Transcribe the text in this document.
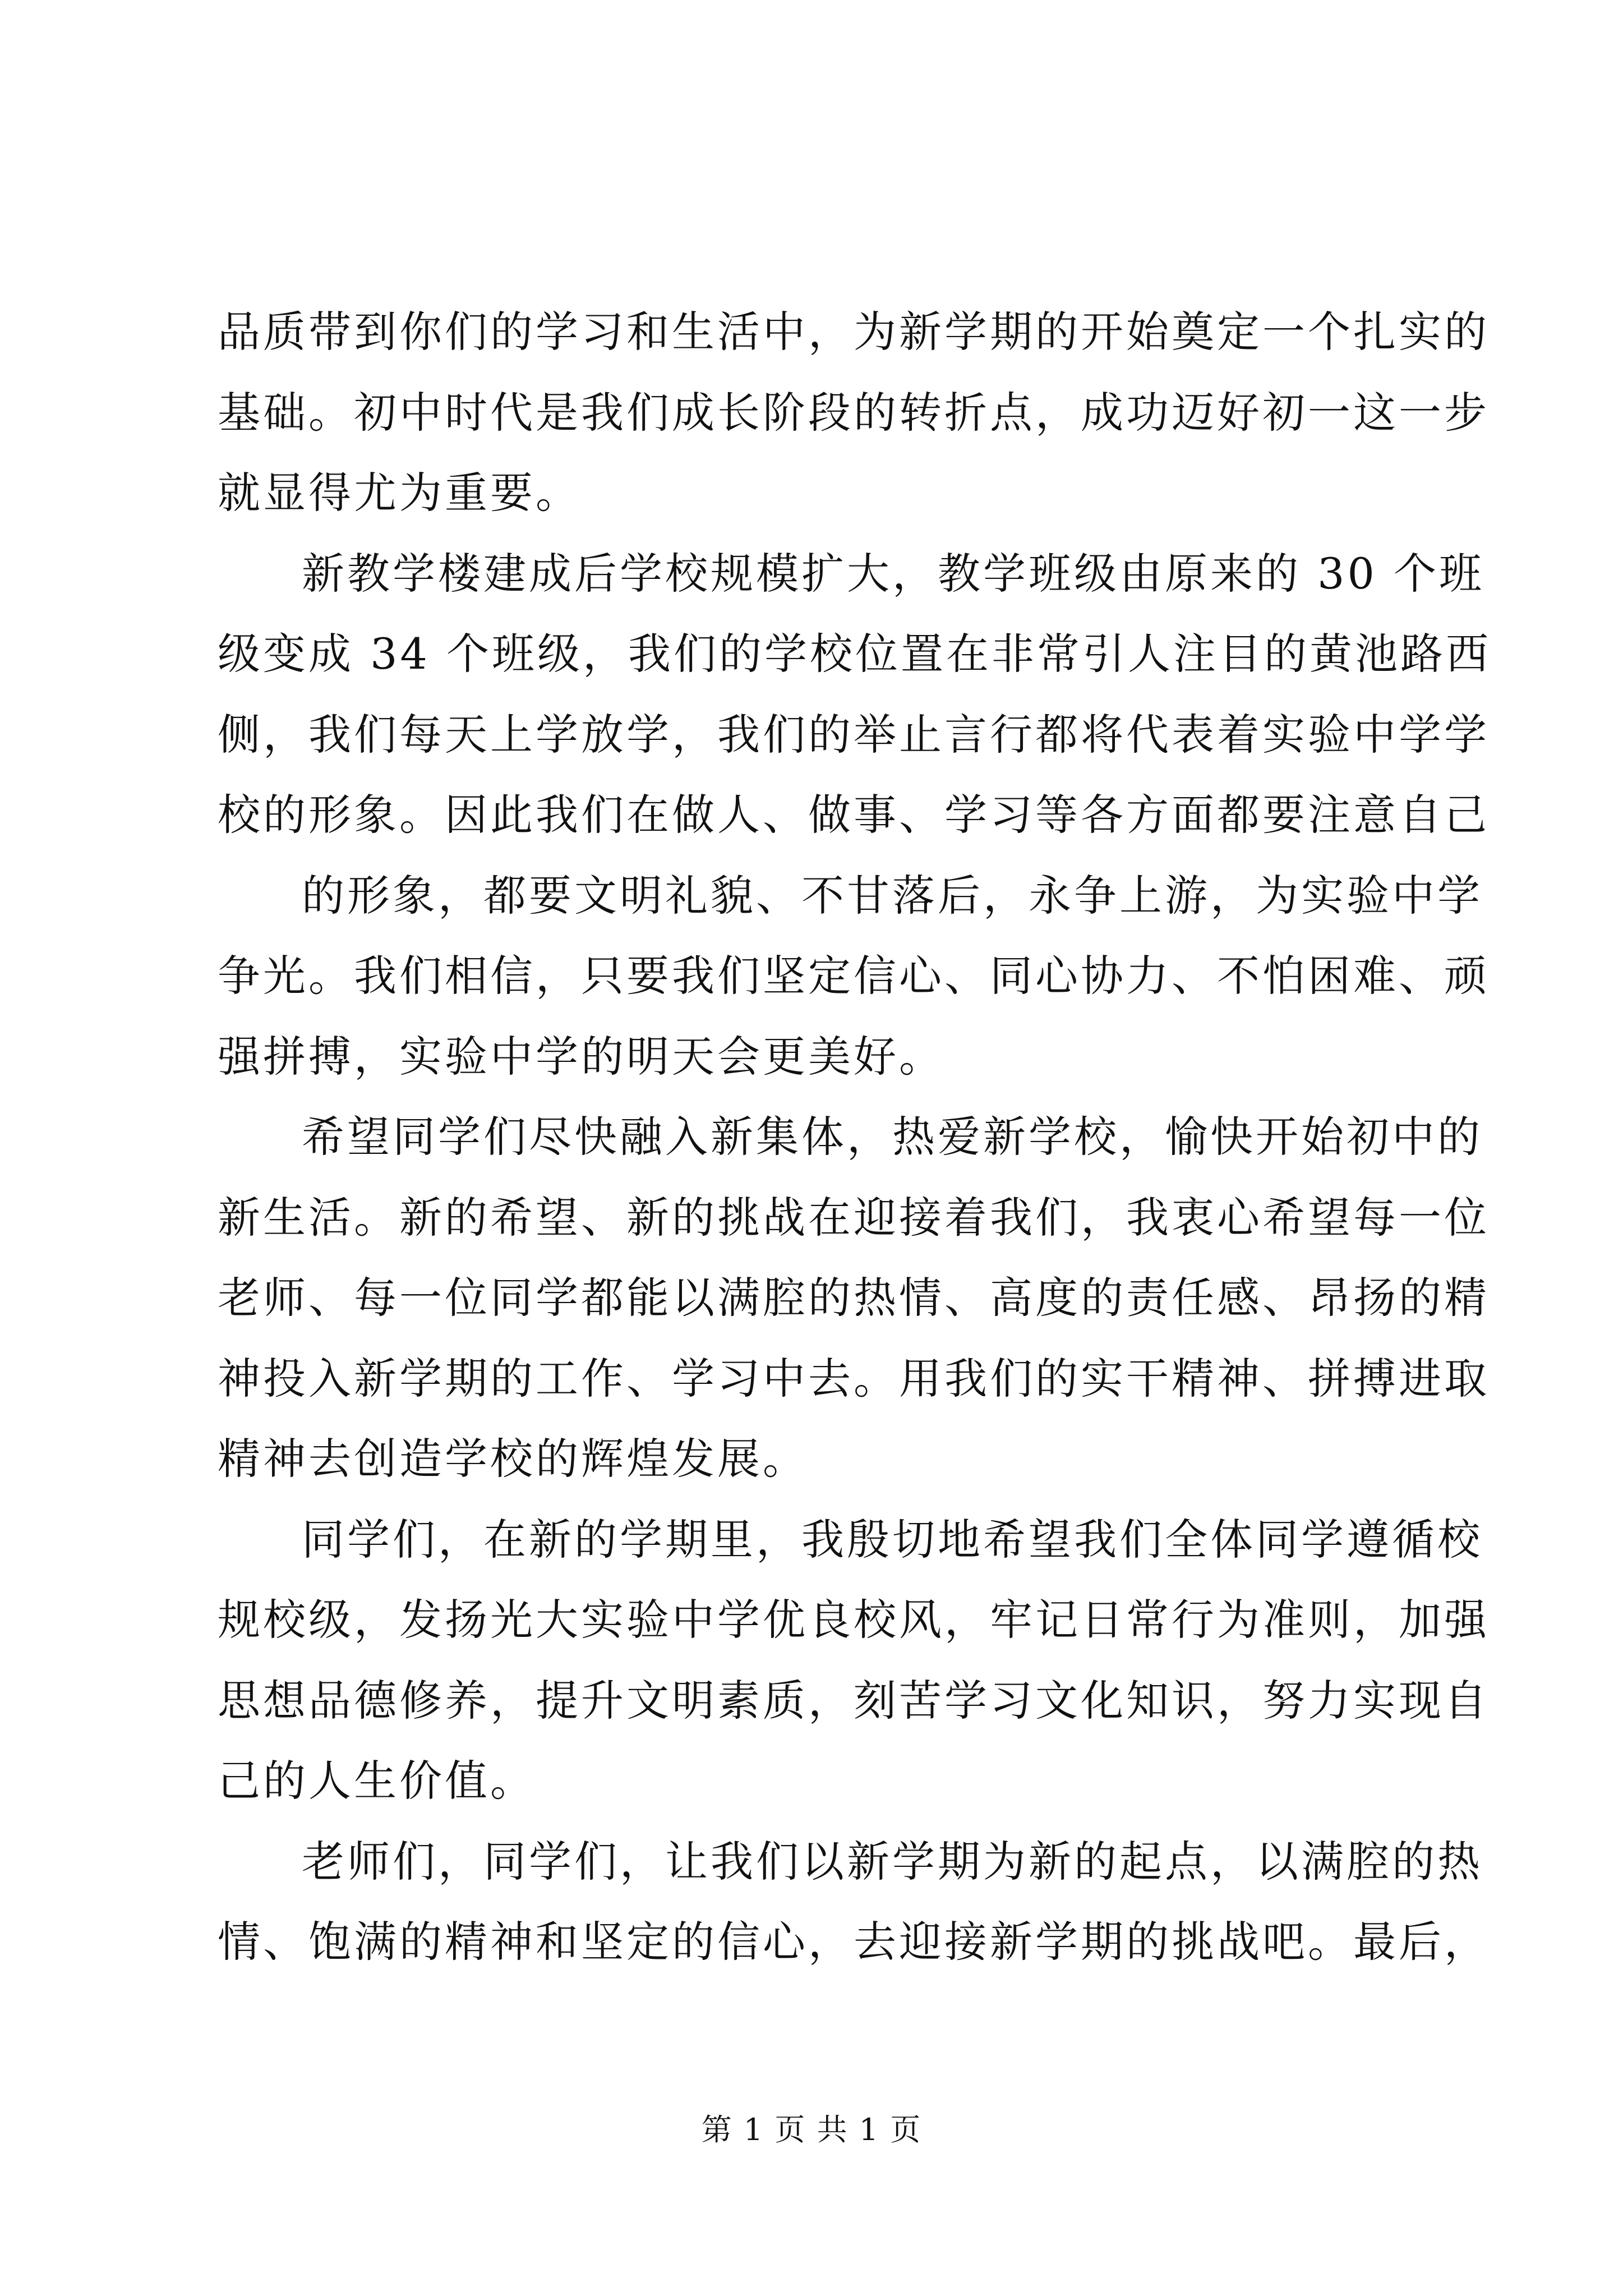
品质带到你们的学习和生活中，为新学期的开始奠定一个扎实的
基础。初中时代是我们成长阶段的转折点，成功迈好初一这一步
就显得尤为重要。
新教学楼建成后学校规模扩大，教学班级由原来的 30 个班
级变成 34 个班级，我们的学校位置在非常引人注目的黄池路西
侧，我们每天上学放学，我们的举止言行都将代表着实验中学学
校的形象。因此我们在做人、做事、学习等各方面都要注意自己
的形象，都要文明礼貌、不甘落后，永争上游，为实验中学
争光。我们相信，只要我们坚定信心、同心协力、不怕困难、顽
强拼搏，实验中学的明天会更美好。
希望同学们尽快融入新集体，热爱新学校，愉快开始初中的
新生活。新的希望、新的挑战在迎接着我们，我衷心希望每一位
老师、每一位同学都能以满腔的热情、高度的责任感、昂扬的精
神投入新学期的工作、学习中去。用我们的实干精神、拼搏进取
精神去创造学校的辉煌发展。
同学们，在新的学期里，我殷切地希望我们全体同学遵循校
规校级，发扬光大实验中学优良校风，牢记日常行为准则，加强
思想品德修养，提升文明素质，刻苦学习文化知识，努力实现自
己的人生价值。
老师们，同学们，让我们以新学期为新的起点，以满腔的热
情、饱满的精神和坚定的信心，去迎接新学期的挑战吧。最后，
第 1 页 共 1 页
